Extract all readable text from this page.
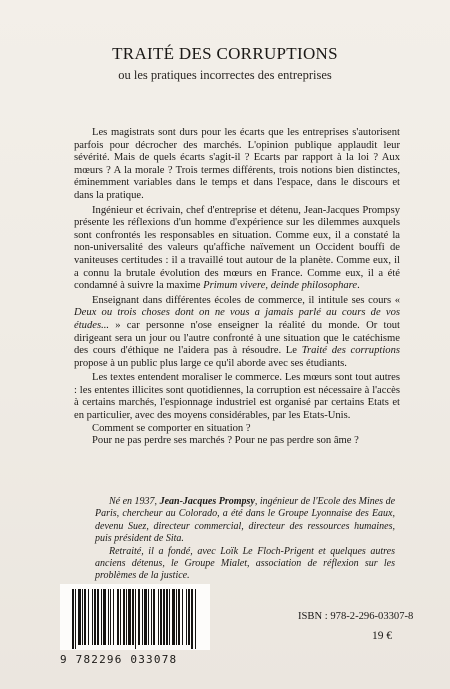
TRAITÉ DES CORRUPTIONS
ou les pratiques incorrectes des entreprises

Les magistrats sont durs pour les écarts que les entreprises s'autorisent parfois pour décrocher des marchés. L'opinion publique applaudit leur sévérité. Mais de quels écarts s'agit-il ? Ecarts par rapport à la loi ? Aux mœurs ? A la morale ? Trois termes différents, trois notions bien distinctes, éminemment variables dans le temps et dans l'espace, dans le discours et dans la pratique.

Ingénieur et écrivain, chef d'entreprise et détenu, Jean-Jacques Prompsy présente les réflexions d'un homme d'expérience sur les dilemmes auxquels sont confrontés les responsables en situation. Comme eux, il a constaté la non-universalité des valeurs qu'affiche naïvement un Occident bouffi de vaniteuses certitudes : il a travaillé tout autour de la planète. Comme eux, il a connu la brutale évolution des mœurs en France. Comme eux, il a été condamné à suivre la maxime Primum vivere, deinde philosophare.

Enseignant dans différentes écoles de commerce, il intitule ses cours « Deux ou trois choses dont on ne vous a jamais parlé au cours de vos études... » car personne n'ose enseigner la réalité du monde. Or tout dirigeant sera un jour ou l'autre confronté à une situation que le catéchisme des cours d'éthique ne l'aidera pas à résoudre. Le Traité des corruptions propose à un public plus large ce qu'il aborde avec ses étudiants.

Les textes entendent moraliser le commerce. Les mœurs sont tout autres : les ententes illicites sont quotidiennes, la corruption est nécessaire à l'accès à certains marchés, l'espionnage industriel est organisé par certains Etats et en particulier, avec des moyens considérables, par les Etats-Unis.

Comment se comporter en situation ?

Pour ne pas perdre ses marchés ? Pour ne pas perdre son âme ?

Né en 1937, Jean-Jacques Prompsy, ingénieur de l'Ecole des Mines de Paris, chercheur au Colorado, a été dans le Groupe Lyonnaise des Eaux, devenu Suez, directeur commercial, directeur des ressources humaines, puis président de Sita.

Retraité, il a fondé, avec Loïk Le Floch-Prigent et quelques autres anciens détenus, le Groupe Mialet, association de réflexion sur les problèmes de la justice.

9 782296 033078
ISBN : 978-2-296-03307-8
19 €
